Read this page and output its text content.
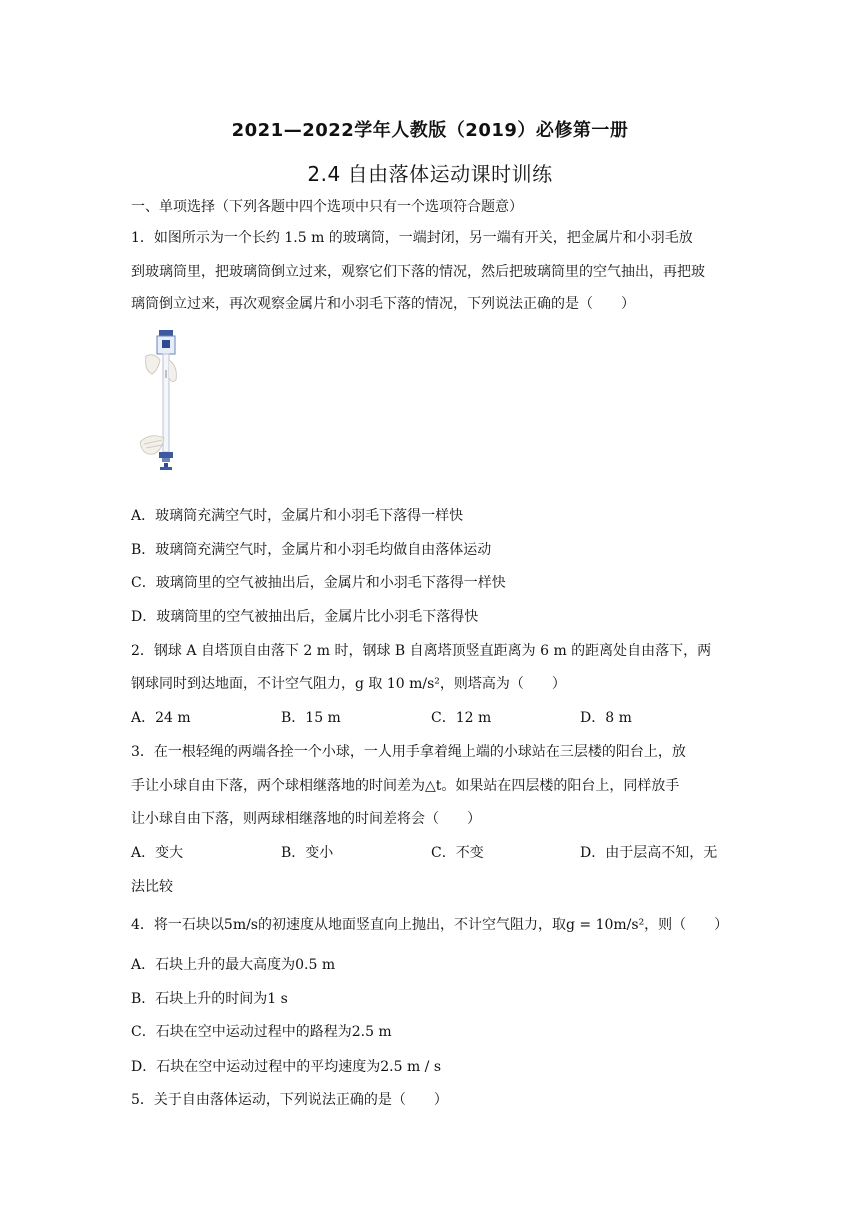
2021—2022学年人教版（2019）必修第一册
2.4 自由落体运动课时训练
一、单项选择（下列各题中四个选项中只有一个选项符合题意）
1．如图所示为一个长约 1.5 m 的玻璃筒，一端封闭，另一端有开关，把金属片和小羽毛放
到玻璃筒里，把玻璃筒倒立过来，观察它们下落的情况，然后把玻璃筒里的空气抽出，再把玻
璃筒倒立过来，再次观察金属片和小羽毛下落的情况，下列说法正确的是（　　）
A．玻璃筒充满空气时，金属片和小羽毛下落得一样快
B．玻璃筒充满空气时，金属片和小羽毛均做自由落体运动
C．玻璃筒里的空气被抽出后，金属片和小羽毛下落得一样快
D．玻璃筒里的空气被抽出后，金属片比小羽毛下落得快
2．钢球 A 自塔顶自由落下 2 m 时，钢球 B 自离塔顶竖直距离为 6 m 的距离处自由落下，两
钢球同时到达地面，不计空气阻力，g 取 10 m/s²，则塔高为（　　）
A．24 m	B．15 m	C．12 m	D．8 m
3．在一根轻绳的两端各拴一个小球，一人用手拿着绳上端的小球站在三层楼的阳台上，放
手让小球自由下落，两个球相继落地的时间差为△t。如果站在四层楼的阳台上，同样放手
让小球自由下落，则两球相继落地的时间差将会（　　）
A．变大	B．变小	C．不变	D．由于层高不知，无
法比较
4．将一石块以5m/s的初速度从地面竖直向上抛出，不计空气阻力，取g = 10m/s²，则（　　）
A．石块上升的最大高度为0.5 m
B．石块上升的时间为1 s
C．石块在空中运动过程中的路程为2.5 m
D．石块在空中运动过程中的平均速度为2.5 m / s
5．关于自由落体运动，下列说法正确的是（　　）
